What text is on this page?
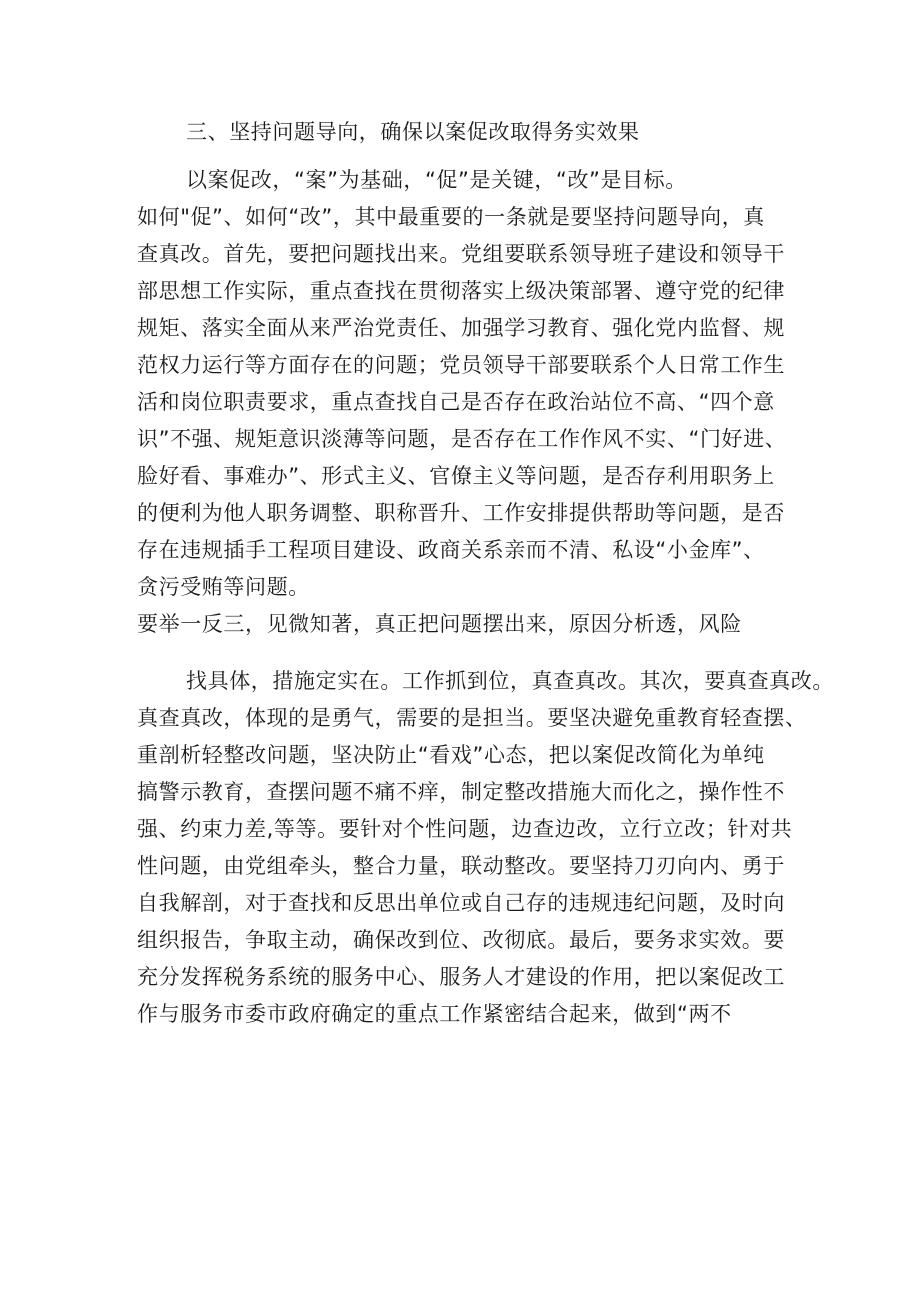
三、坚持问题导向，确保以案促改取得务实效果
以案促改，“案”为基础，“促”是关键，“改”是目标。
如何"促”、如何“改”，其中最重要的一条就是要坚持问题导向，真
查真改。首先，要把问题找出来。党组要联系领导班子建设和领导干
部思想工作实际，重点查找在贯彻落实上级决策部署、遵守党的纪律
规矩、落实全面从来严治党责任、加强学习教育、强化党内监督、规
范权力运行等方面存在的问题；党员领导干部要联系个人日常工作生
活和岗位职责要求，重点查找自己是否存在政治站位不高、“四个意
识”不强、规矩意识淡薄等问题，是否存在工作作风不实、“门好进、
脸好看、事难办”、形式主义、官僚主义等问题，是否存利用职务上
的便利为他人职务调整、职称晋升、工作安排提供帮助等问题，是否
存在违规插手工程项目建设、政商关系亲而不清、私设“小金库”、
贪污受贿等问题。
要举一反三，见微知著，真正把问题摆出来，原因分析透，风险
找具体，措施定实在。工作抓到位，真查真改。其次，要真查真改。
真查真改，体现的是勇气，需要的是担当。要坚决避免重教育轻查摆、
重剖析轻整改问题，坚决防止“看戏”心态，把以案促改简化为单纯
搞警示教育，查摆问题不痛不痒，制定整改措施大而化之，操作性不
强、约束力差,等等。要针对个性问题，边查边改，立行立改；针对共
性问题，由党组牵头，整合力量，联动整改。要坚持刀刃向内、勇于
自我解剖，对于查找和反思出单位或自己存的违规违纪问题，及时向
组织报告，争取主动，确保改到位、改彻底。最后，要务求实效。要
充分发挥税务系统的服务中心、服务人才建设的作用，把以案促改工
作与服务市委市政府确定的重点工作紧密结合起来，做到“两不
